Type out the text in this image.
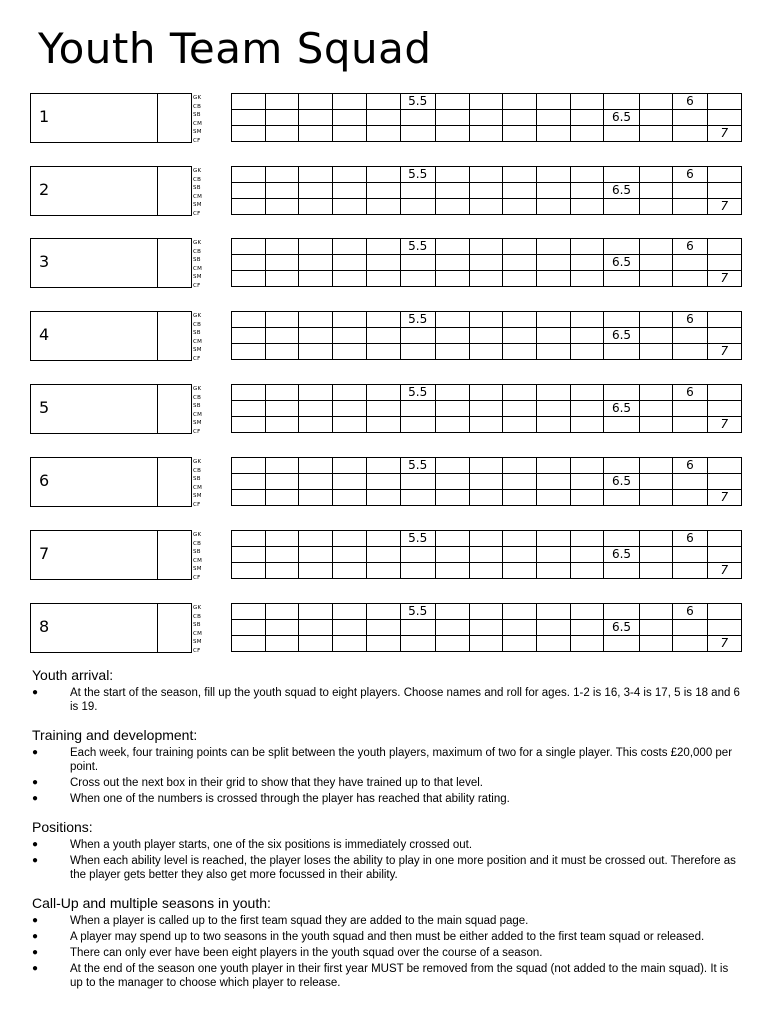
Youth Team Squad
1
GK
CB
SB
CM
SM
CF
					5.5								6	
											6.5			
														7
2
GK
CB
SB
CM
SM
CF
					5.5								6	
											6.5			
														7
3
GK
CB
SB
CM
SM
CF
					5.5								6	
											6.5			
														7
4
GK
CB
SB
CM
SM
CF
					5.5								6	
											6.5			
														7
5
GK
CB
SB
CM
SM
CF
					5.5								6	
											6.5			
														7
6
GK
CB
SB
CM
SM
CF
					5.5								6	
											6.5			
														7
7
GK
CB
SB
CM
SM
CF
					5.5								6	
											6.5			
														7
8
GK
CB
SB
CM
SM
CF
					5.5								6	
											6.5			
														7
Youth arrival:
●	At the start of the season, fill up the youth squad to eight players. Choose names and roll for ages. 1-2 is 16, 3-4 is 17, 5 is 18 and 6 is 19.
Training and development:
●	Each week, four training points can be split between the youth players, maximum of two for a single player. This costs £20,000 per point.
●	Cross out the next box in their grid to show that they have trained up to that level.
●	When one of the numbers is crossed through the player has reached that ability rating.
Positions:
●	When a youth player starts, one of the six positions is immediately crossed out.
●	When each ability level is reached, the player loses the ability to play in one more position and it must be crossed out. Therefore as the player gets better they also get more focussed in their ability.
Call-Up and multiple seasons in youth:
●	When a player is called up to the first team squad they are added to the main squad page.
●	A player may spend up to two seasons in the youth squad and then must be either added to the first team squad or released.
●	There can only ever have been eight players in the youth squad over the course of a season.
●	At the end of the season one youth player in their first year MUST be removed from the squad (not added to the main squad). It is up to the manager to choose which player to release.
